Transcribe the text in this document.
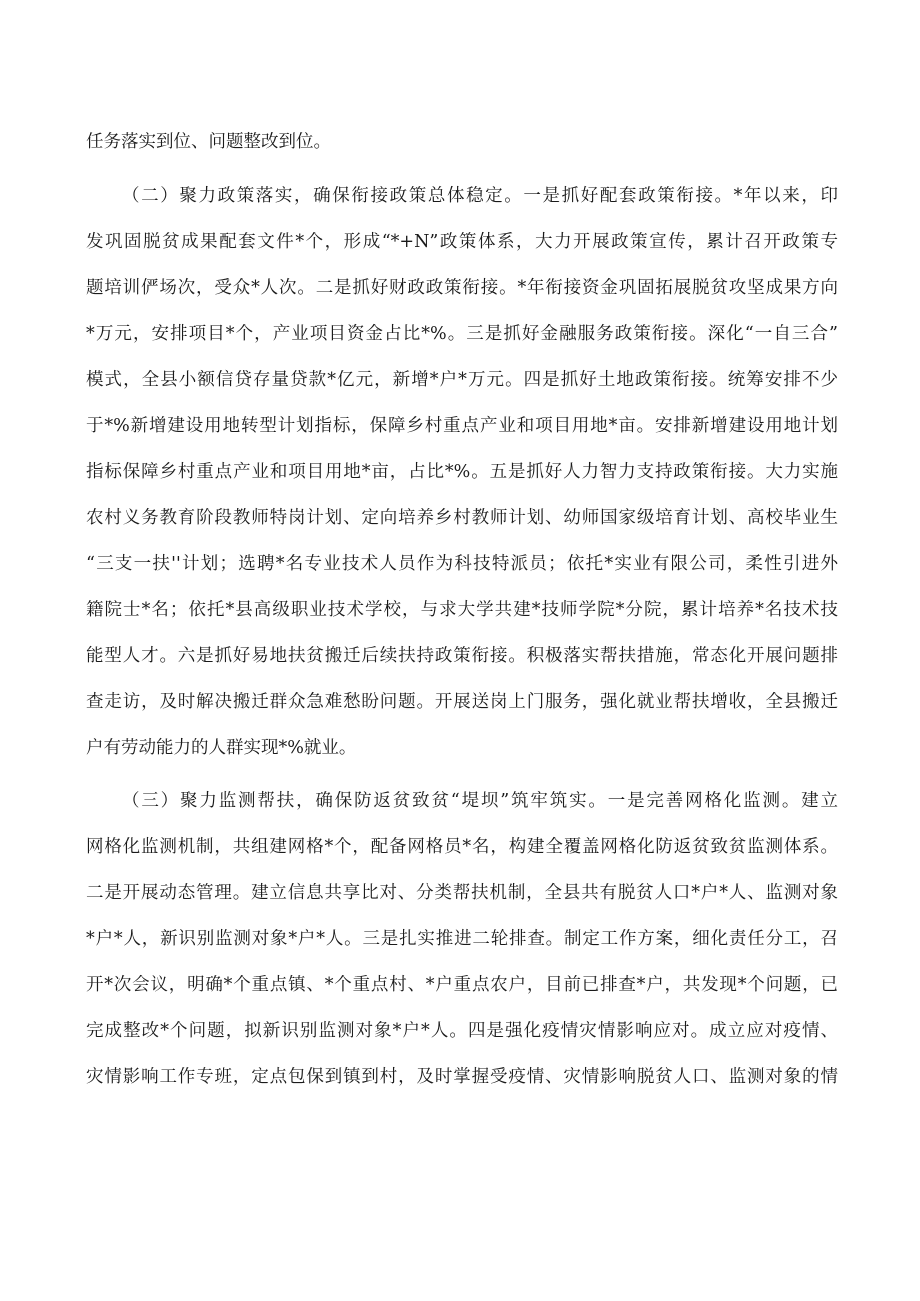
任务落实到位、问题整改到位。
（二）聚力政策落实，确保衔接政策总体稳定。一是抓好配套政策衔接。*年以来，印
发巩固脱贫成果配套文件*个，形成“*+N”政策体系，大力开展政策宣传，累计召开政策专
题培训俨场次，受众*人次。二是抓好财政政策衔接。*年衔接资金巩固拓展脱贫攻坚成果方向
*万元，安排项目*个，产业项目资金占比*%。三是抓好金融服务政策衔接。深化“一自三合”
模式，全县小额信贷存量贷款*亿元，新增*户*万元。四是抓好土地政策衔接。统筹安排不少
于*%新增建设用地转型计划指标，保障乡村重点产业和项目用地*亩。安排新增建设用地计划
指标保障乡村重点产业和项目用地*亩，占比*%。五是抓好人力智力支持政策衔接。大力实施
农村义务教育阶段教师特岗计划、定向培养乡村教师计划、幼师国家级培育计划、高校毕业生
“三支一扶''计划；选聘*名专业技术人员作为科技特派员；依托*实业有限公司，柔性引进外
籍院士*名；依托*县高级职业技术学校，与求大学共建*技师学院*分院，累计培养*名技术技
能型人才。六是抓好易地扶贫搬迁后续扶持政策衔接。积极落实帮扶措施，常态化开展问题排
查走访，及时解决搬迁群众急难愁盼问题。开展送岗上门服务，强化就业帮扶增收，全县搬迁
户有劳动能力的人群实现*%就业。
（三）聚力监测帮扶，确保防返贫致贫“堤坝”筑牢筑实。一是完善网格化监测。建立
网格化监测机制，共组建网格*个，配备网格员*名，构建全覆盖网格化防返贫致贫监测体系。
二是开展动态管理。建立信息共享比对、分类帮扶机制，全县共有脱贫人口*户*人、监测对象
*户*人，新识别监测对象*户*人。三是扎实推进二轮排查。制定工作方案，细化责任分工，召
开*次会议，明确*个重点镇、*个重点村、*户重点农户，目前已排查*户，共发现*个问题，已
完成整改*个问题，拟新识别监测对象*户*人。四是强化疫情灾情影响应对。成立应对疫情、
灾情影响工作专班，定点包保到镇到村，及时掌握受疫情、灾情影响脱贫人口、监测对象的情
